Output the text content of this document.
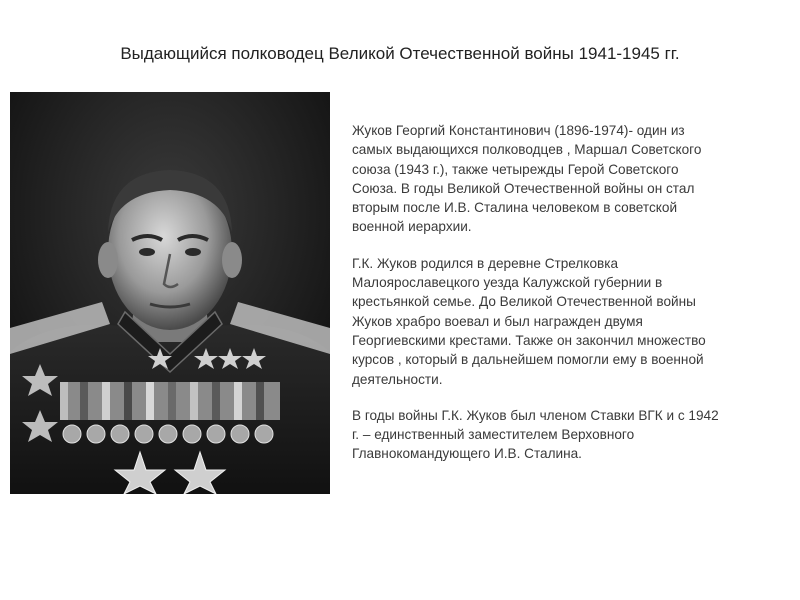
Выдающийся полководец Великой Отечественной войны 1941-1945 гг.

Жуков Георгий Константинович (1896-1974)- один из
самых выдающихся полководцев , Маршал Советского
союза (1943 г.), также четырежды Герой Советского
Союза. В годы Великой Отечественной войны он стал
вторым после И.В. Сталина человеком в советской
военной иерархии.

Г.К. Жуков родился в деревне Стрелковка
Малоярославецкого уезда Калужской губернии в
крестьянкой семье. До Великой Отечественной войны
Жуков храбро воевал и был награжден двумя
Георгиевскими крестами. Также он закончил множество
курсов , который в дальнейшем помогли ему в военной
деятельности.

В годы войны Г.К. Жуков был членом Ставки ВГК и с 1942
г. – единственный заместителем Верховного
Главнокомандующего И.В. Сталина.
